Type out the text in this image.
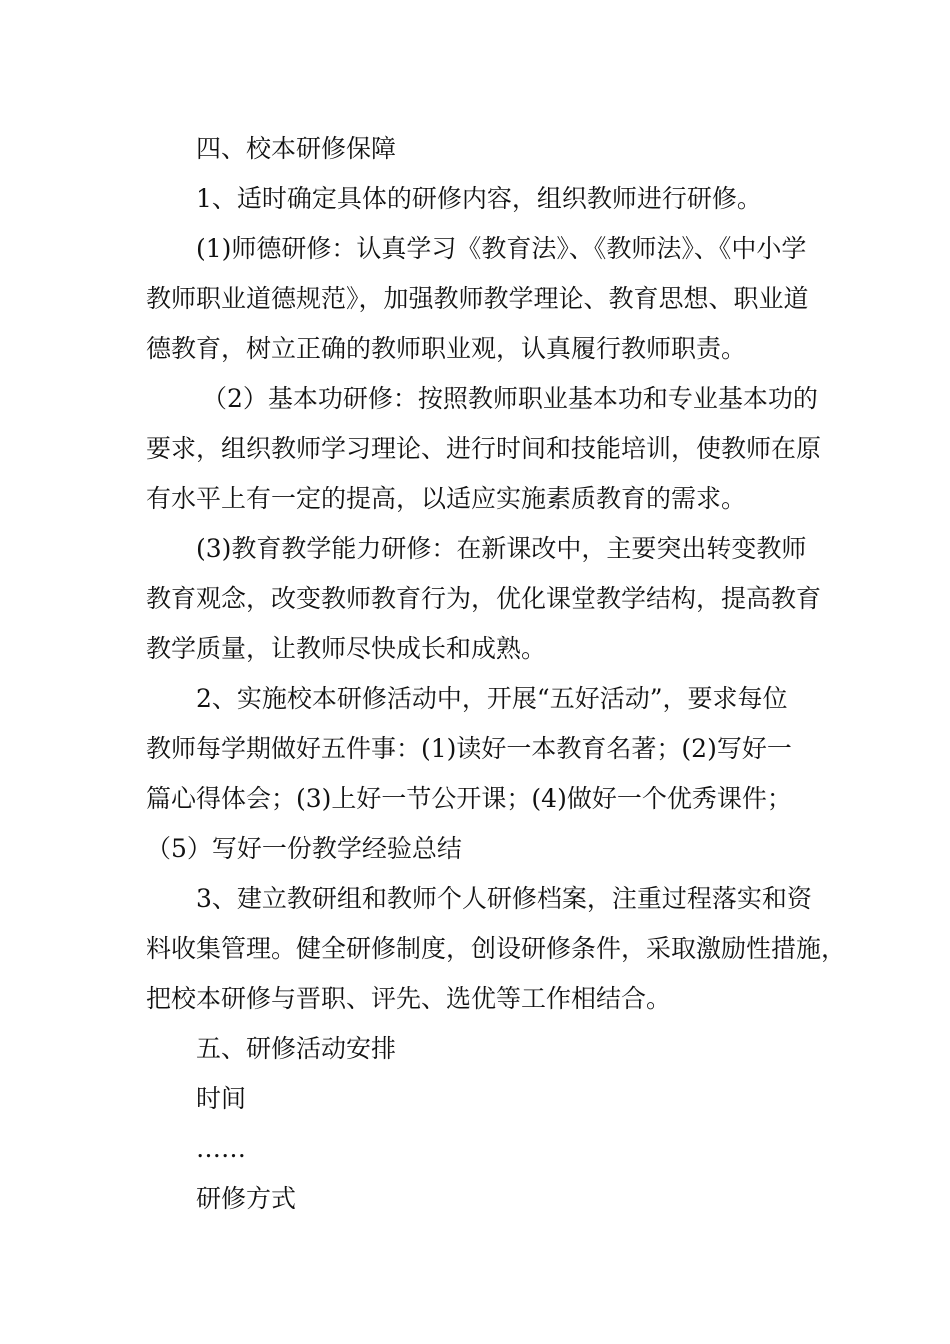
四、校本研修保障
1、适时确定具体的研修内容，组织教师进行研修。
(1)师德研修：认真学习《教育法》、《教师法》、《中小学
教师职业道德规范》，加强教师教学理论、教育思想、职业道
德教育，树立正确的教师职业观，认真履行教师职责。
（2）基本功研修：按照教师职业基本功和专业基本功的
要求，组织教师学习理论、进行时间和技能培训，使教师在原
有水平上有一定的提高，以适应实施素质教育的需求。
(3)教育教学能力研修：在新课改中，主要突出转变教师
教育观念，改变教师教育行为，优化课堂教学结构，提高教育
教学质量，让教师尽快成长和成熟。
2、实施校本研修活动中，开展“五好活动”，要求每位
教师每学期做好五件事：(1)读好一本教育名著；(2)写好一
篇心得体会；(3)上好一节公开课；(4)做好一个优秀课件；
（5）写好一份教学经验总结
3、建立教研组和教师个人研修档案，注重过程落实和资
料收集管理。健全研修制度，创设研修条件，采取激励性措施，
把校本研修与晋职、评先、选优等工作相结合。
五、研修活动安排
时间
……
研修方式
